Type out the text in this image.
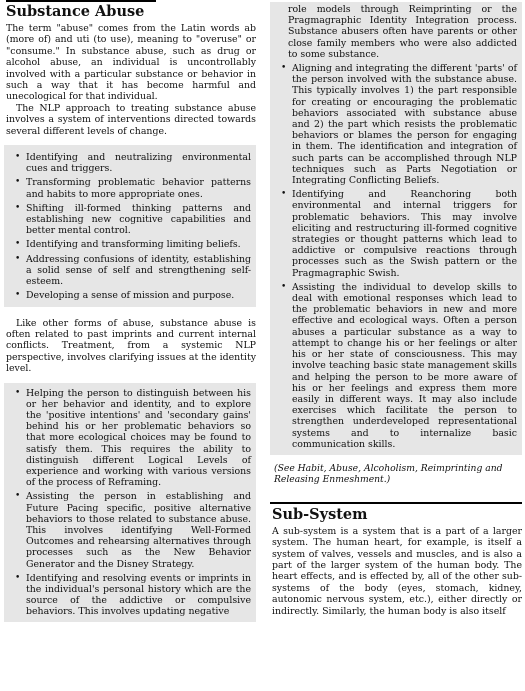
Substance Abuse

The term "abuse" comes from the Latin words ab (more of) and uti (to use), meaning to "overuse" or "consume." In substance abuse, such as drug or alcohol abuse, an individual is uncontrollably involved with a particular substance or behavior in such a way that it has become harmful and unecological for that individual.

The NLP approach to treating substance abuse involves a system of interventions directed towards several different levels of change.

• Identifying and neutralizing environmental cues and triggers.
• Transforming problematic behavior patterns and habits to more appropriate ones.
• Shifting ill-formed thinking patterns and establishing new cognitive capabilities and better mental control.
• Identifying and transforming limiting beliefs.
• Addressing confusions of identity, establishing a solid sense of self and strengthening self-esteem.
• Developing a sense of mission and purpose.

Like other forms of abuse, substance abuse is often related to past imprints and current internal conflicts. Treatment, from a systemic NLP perspective, involves clarifying issues at the identity level.

• Helping the person to distinguish between his or her behavior and identity, and to explore the 'positive intentions' and 'secondary gains' behind his or her problematic behaviors so that more ecological choices may be found to satisfy them. This requires the ability to distinguish different Logical Levels of experience and working with various versions of the process of Reframing.
• Assisting the person in establishing and Future Pacing specific, positive alternative behaviors to those related to substance abuse. This involves identifying Well-Formed Outcomes and rehearsing alternatives through processes such as the New Behavior Generator and the Disney Strategy.
• Identifying and resolving events or imprints in the individual's personal history which are the source of the addictive or compulsive behaviors. This involves updating negative
role models through Reimprinting or the Pragmagraphic Identity Integration process. Substance abusers often have parents or other close family members who were also addicted to some substance.
• Aligning and integrating the different 'parts' of the person involved with the substance abuse. This typically involves 1) the part responsible for creating or encouraging the problematic behaviors associated with substance abuse and 2) the part which resists the problematic behaviors or blames the person for engaging in them. The identification and integration of such parts can be accomplished through NLP techniques such as Parts Negotiation or Integrating Conflicting Beliefs.
• Identifying and Reanchoring both environmental and internal triggers for problematic behaviors. This may involve eliciting and restructuring ill-formed cognitive strategies or thought patterns which lead to addictive or compulsive reactions through processes such as the Swish pattern or the Pragmagraphic Swish.
• Assisting the individual to develop skills to deal with emotional responses which lead to the problematic behaviors in new and more effective and ecological ways. Often a person abuses a particular substance as a way to attempt to change his or her feelings or alter his or her state of consciousness. This may involve teaching basic state management skills and helping the person to be more aware of his or her feelings and express them more easily in different ways. It may also include exercises which facilitate the person to strengthen underdeveloped representational systems and to internalize basic communication skills.
(See Habit, Abuse, Alcoholism, Reimprinting and Releasing Enmeshment.)
Sub-System

A sub-system is a system that is a part of a larger system. The human heart, for example, is itself a system of valves, vessels and muscles, and is also a part of the larger system of the human body. The heart effects, and is effected by, all of the other sub-systems of the body (eyes, stomach, kidney, autonomic nervous system, etc.), either directly or indirectly. Similarly, the human body is also itself
